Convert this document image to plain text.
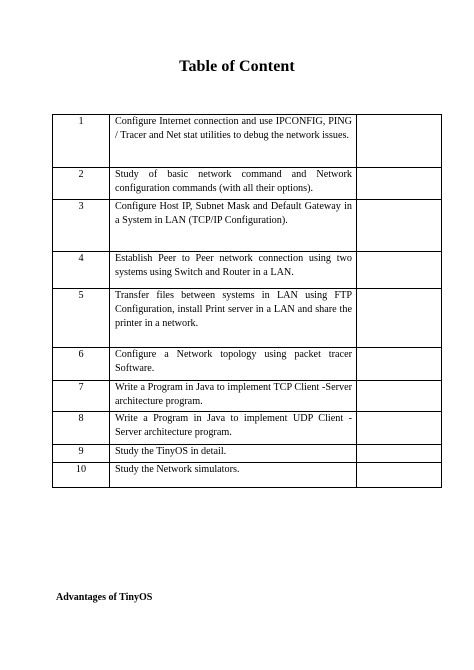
Table of Content
1	Configure Internet connection and use IPCONFIG, PING / Tracer and Net stat utilities to debug the network issues.	
2	Study of basic network command and Network configuration commands (with all their options).	
3	Configure Host IP, Subnet Mask and Default Gateway in a System in LAN (TCP/IP Configuration).	
4	Establish Peer to Peer network connection using two systems using Switch and Router in a LAN.	
5	Transfer files between systems in LAN using FTP Configuration, install Print server in a LAN and share the printer in a network.	
6	Configure a Network topology using packet tracer Software.	
7	Write a Program in Java to implement TCP Client -Server architecture program.	
8	Write a Program in Java to implement UDP Client -Server architecture program.	
9	Study the TinyOS in detail.	
10	Study the Network simulators.	
Advantages of TinyOS
